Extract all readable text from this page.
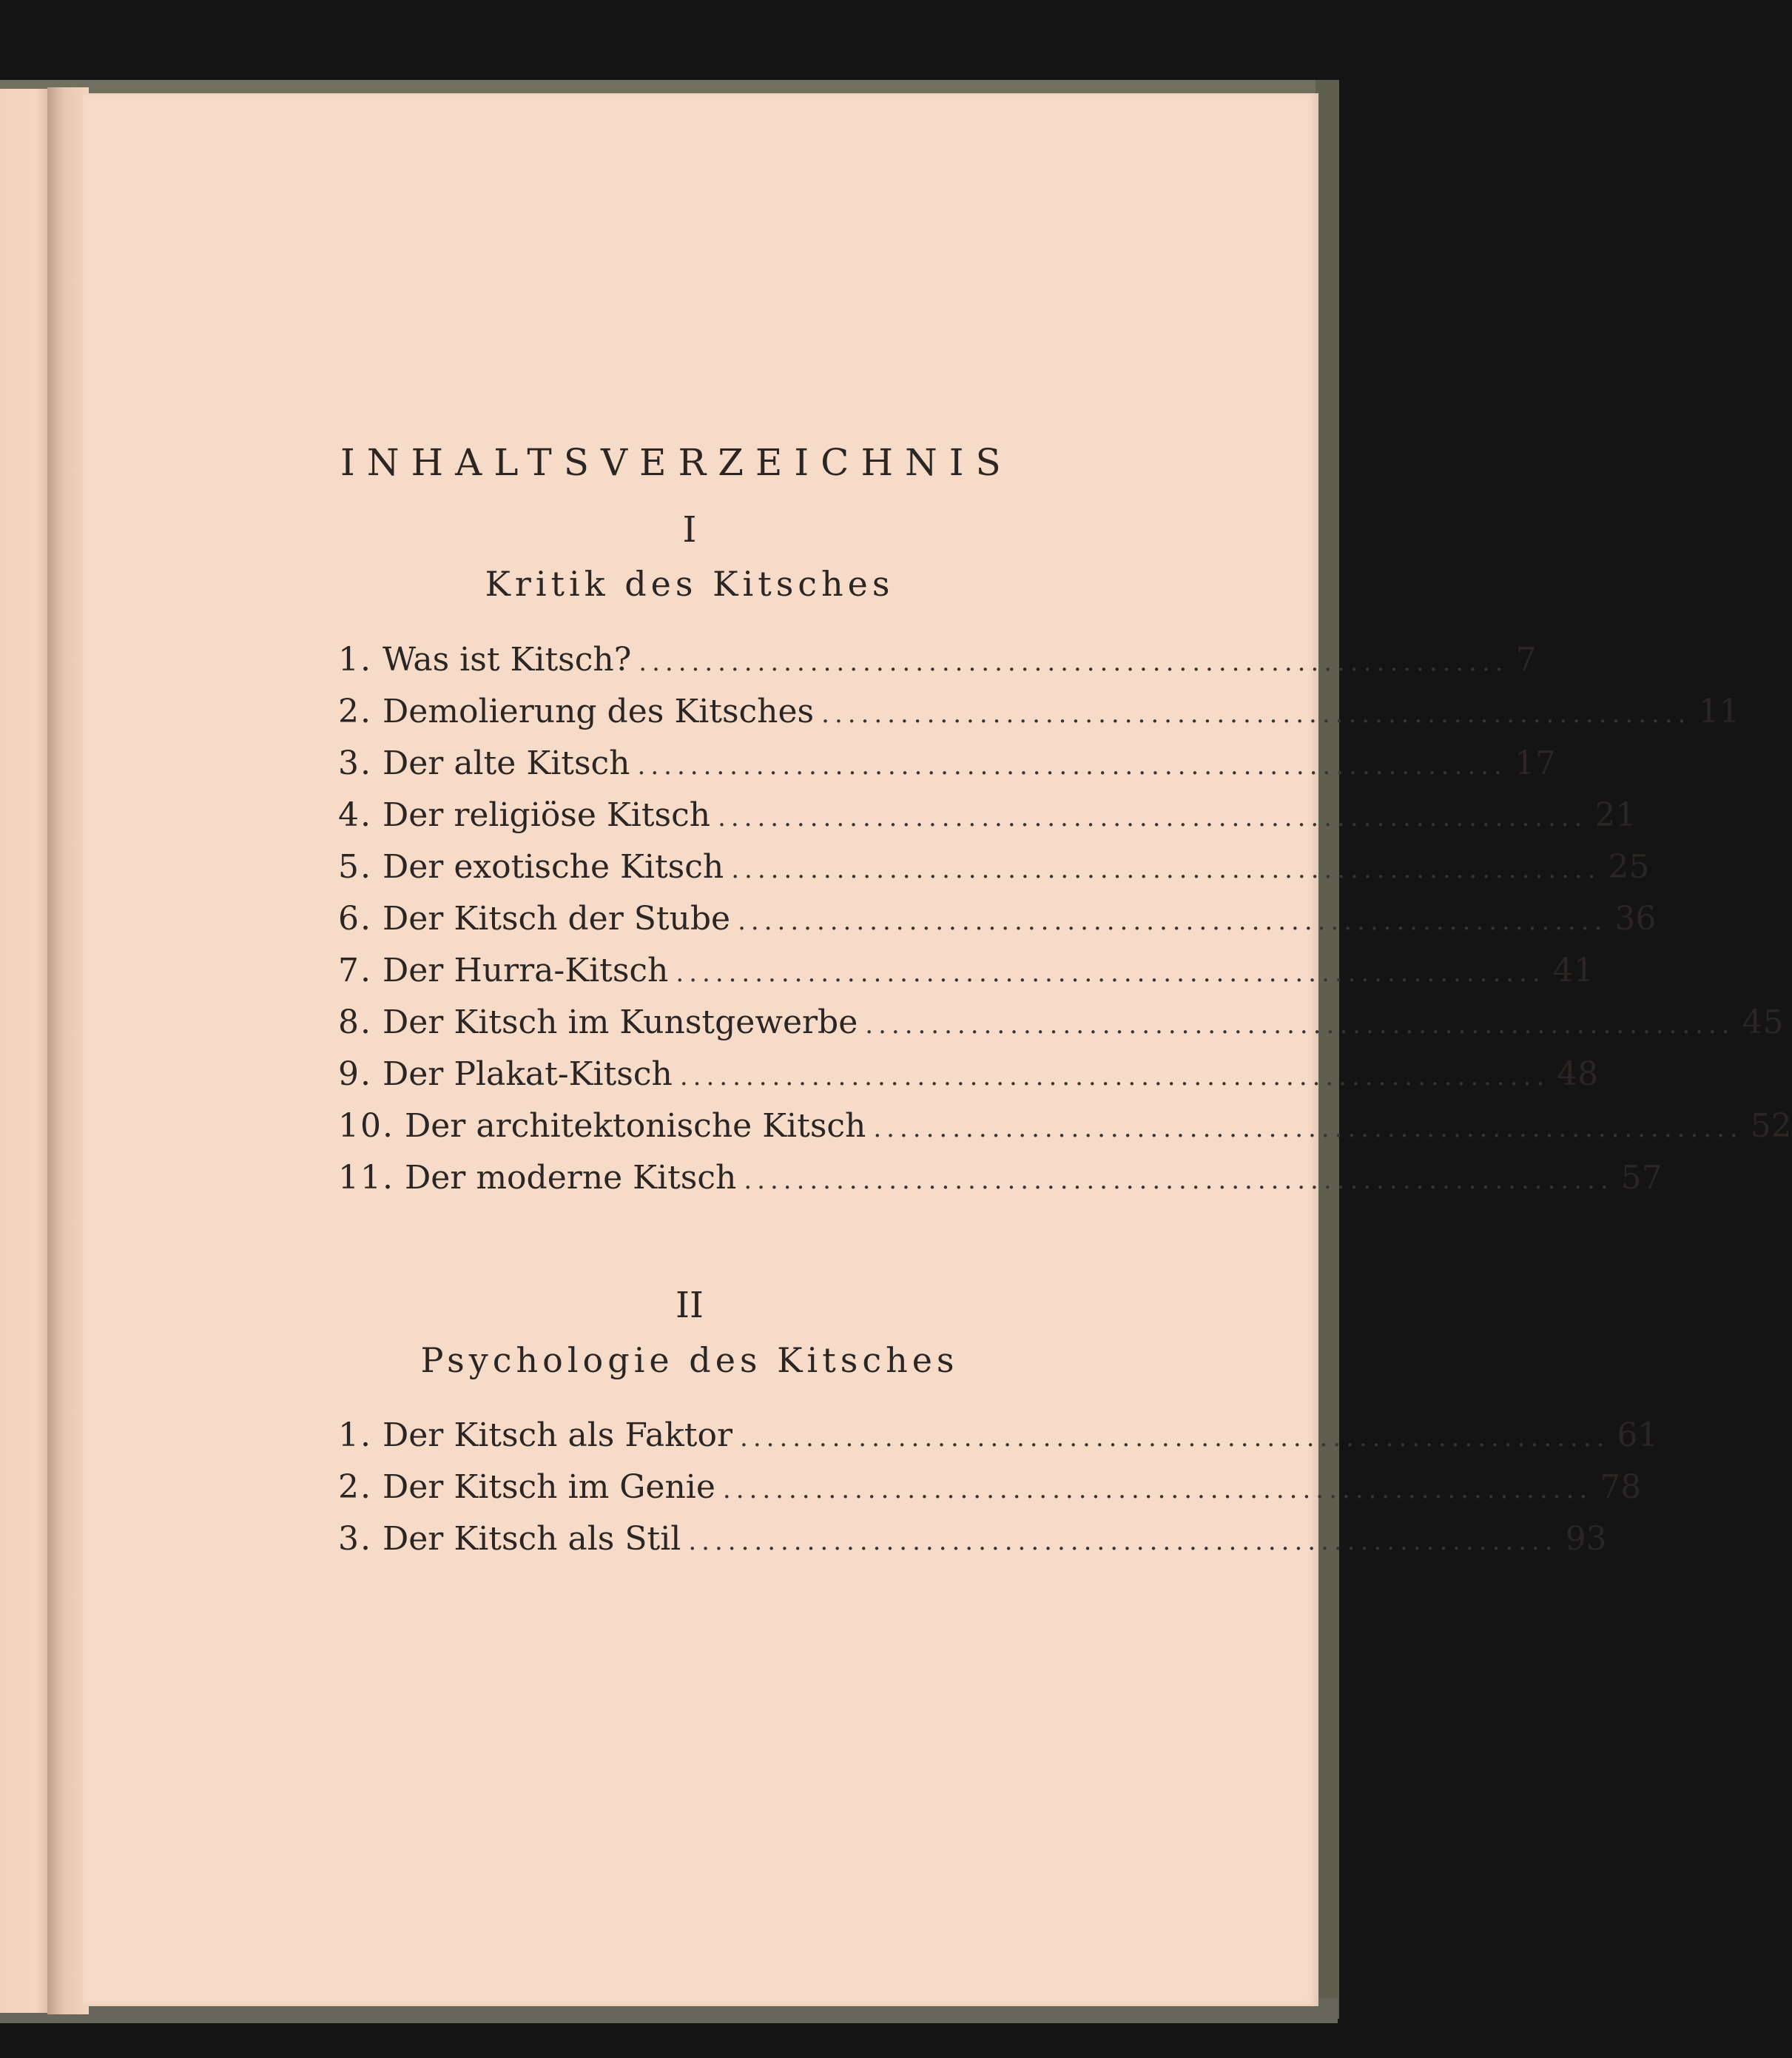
INHALTSVERZEICHNIS
I
Kritik des Kitsches
1. Was ist Kitsch? .................................................................. 7
2. Demolierung des Kitsches .................................................................. 11
3. Der alte Kitsch .................................................................. 17
4. Der religiöse Kitsch .................................................................. 21
5. Der exotische Kitsch .................................................................. 25
6. Der Kitsch der Stube .................................................................. 36
7. Der Hurra-Kitsch .................................................................. 41
8. Der Kitsch im Kunstgewerbe .................................................................. 45
9. Der Plakat-Kitsch .................................................................. 48
10. Der architektonische Kitsch .................................................................. 52
11. Der moderne Kitsch .................................................................. 57
II
Psychologie des Kitsches
1. Der Kitsch als Faktor .................................................................. 61
2. Der Kitsch im Genie .................................................................. 78
3. Der Kitsch als Stil .................................................................. 93
